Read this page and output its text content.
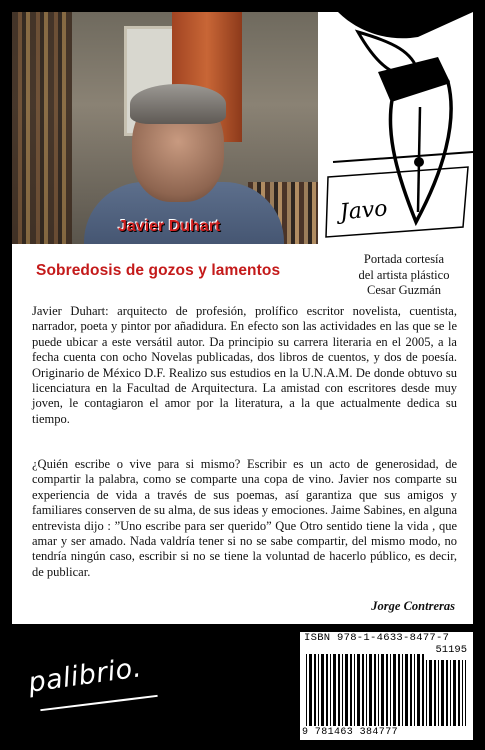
Javier Duhart
Javo
Sobredosis de gozos y lamentos
Portada cortesía
del artista plástico
Cesar Guzmán

Javier Duhart: arquitecto de profesión, prolífico escritor novelista, cuentista, narrador, poeta y pintor por añadidura. En efecto son las actividades en las que se le puede ubicar a este versátil autor. Da principio su carrera literaria en el 2005, a la fecha cuenta con ocho Novelas publicadas, dos libros de cuentos, y dos de poesía. Originario de México D.F. Realizo sus estudios en la U.N.A.M. De donde obtuvo su licenciatura en la Facultad de Arquitectura. La amistad con escritores desde muy joven, le contagiaron el amor por la literatura, a la que actualmente dedica su tiempo.

¿Quién escribe o vive para si mismo? Escribir es un acto de generosidad, de compartir la palabra, como se comparte una copa de vino. Javier nos comparte su experiencia de vida a través de sus poemas, así garantiza que sus amigos y familiares conserven de su alma, de sus ideas y emociones. Jaime Sabines, en alguna entrevista dijo : ”Uno escribe para ser querido” Que Otro sentido tiene la vida , que amar y ser amado. Nada valdría tener si no se sabe compartir, del mismo modo, no tendría ningún caso, escribir si no se tiene la voluntad de hacerlo público, es decir, de publicar.

Jorge Contreras
ISBN 978-1-4633-8477-7
51195
9 781463 384777
palibrio.
